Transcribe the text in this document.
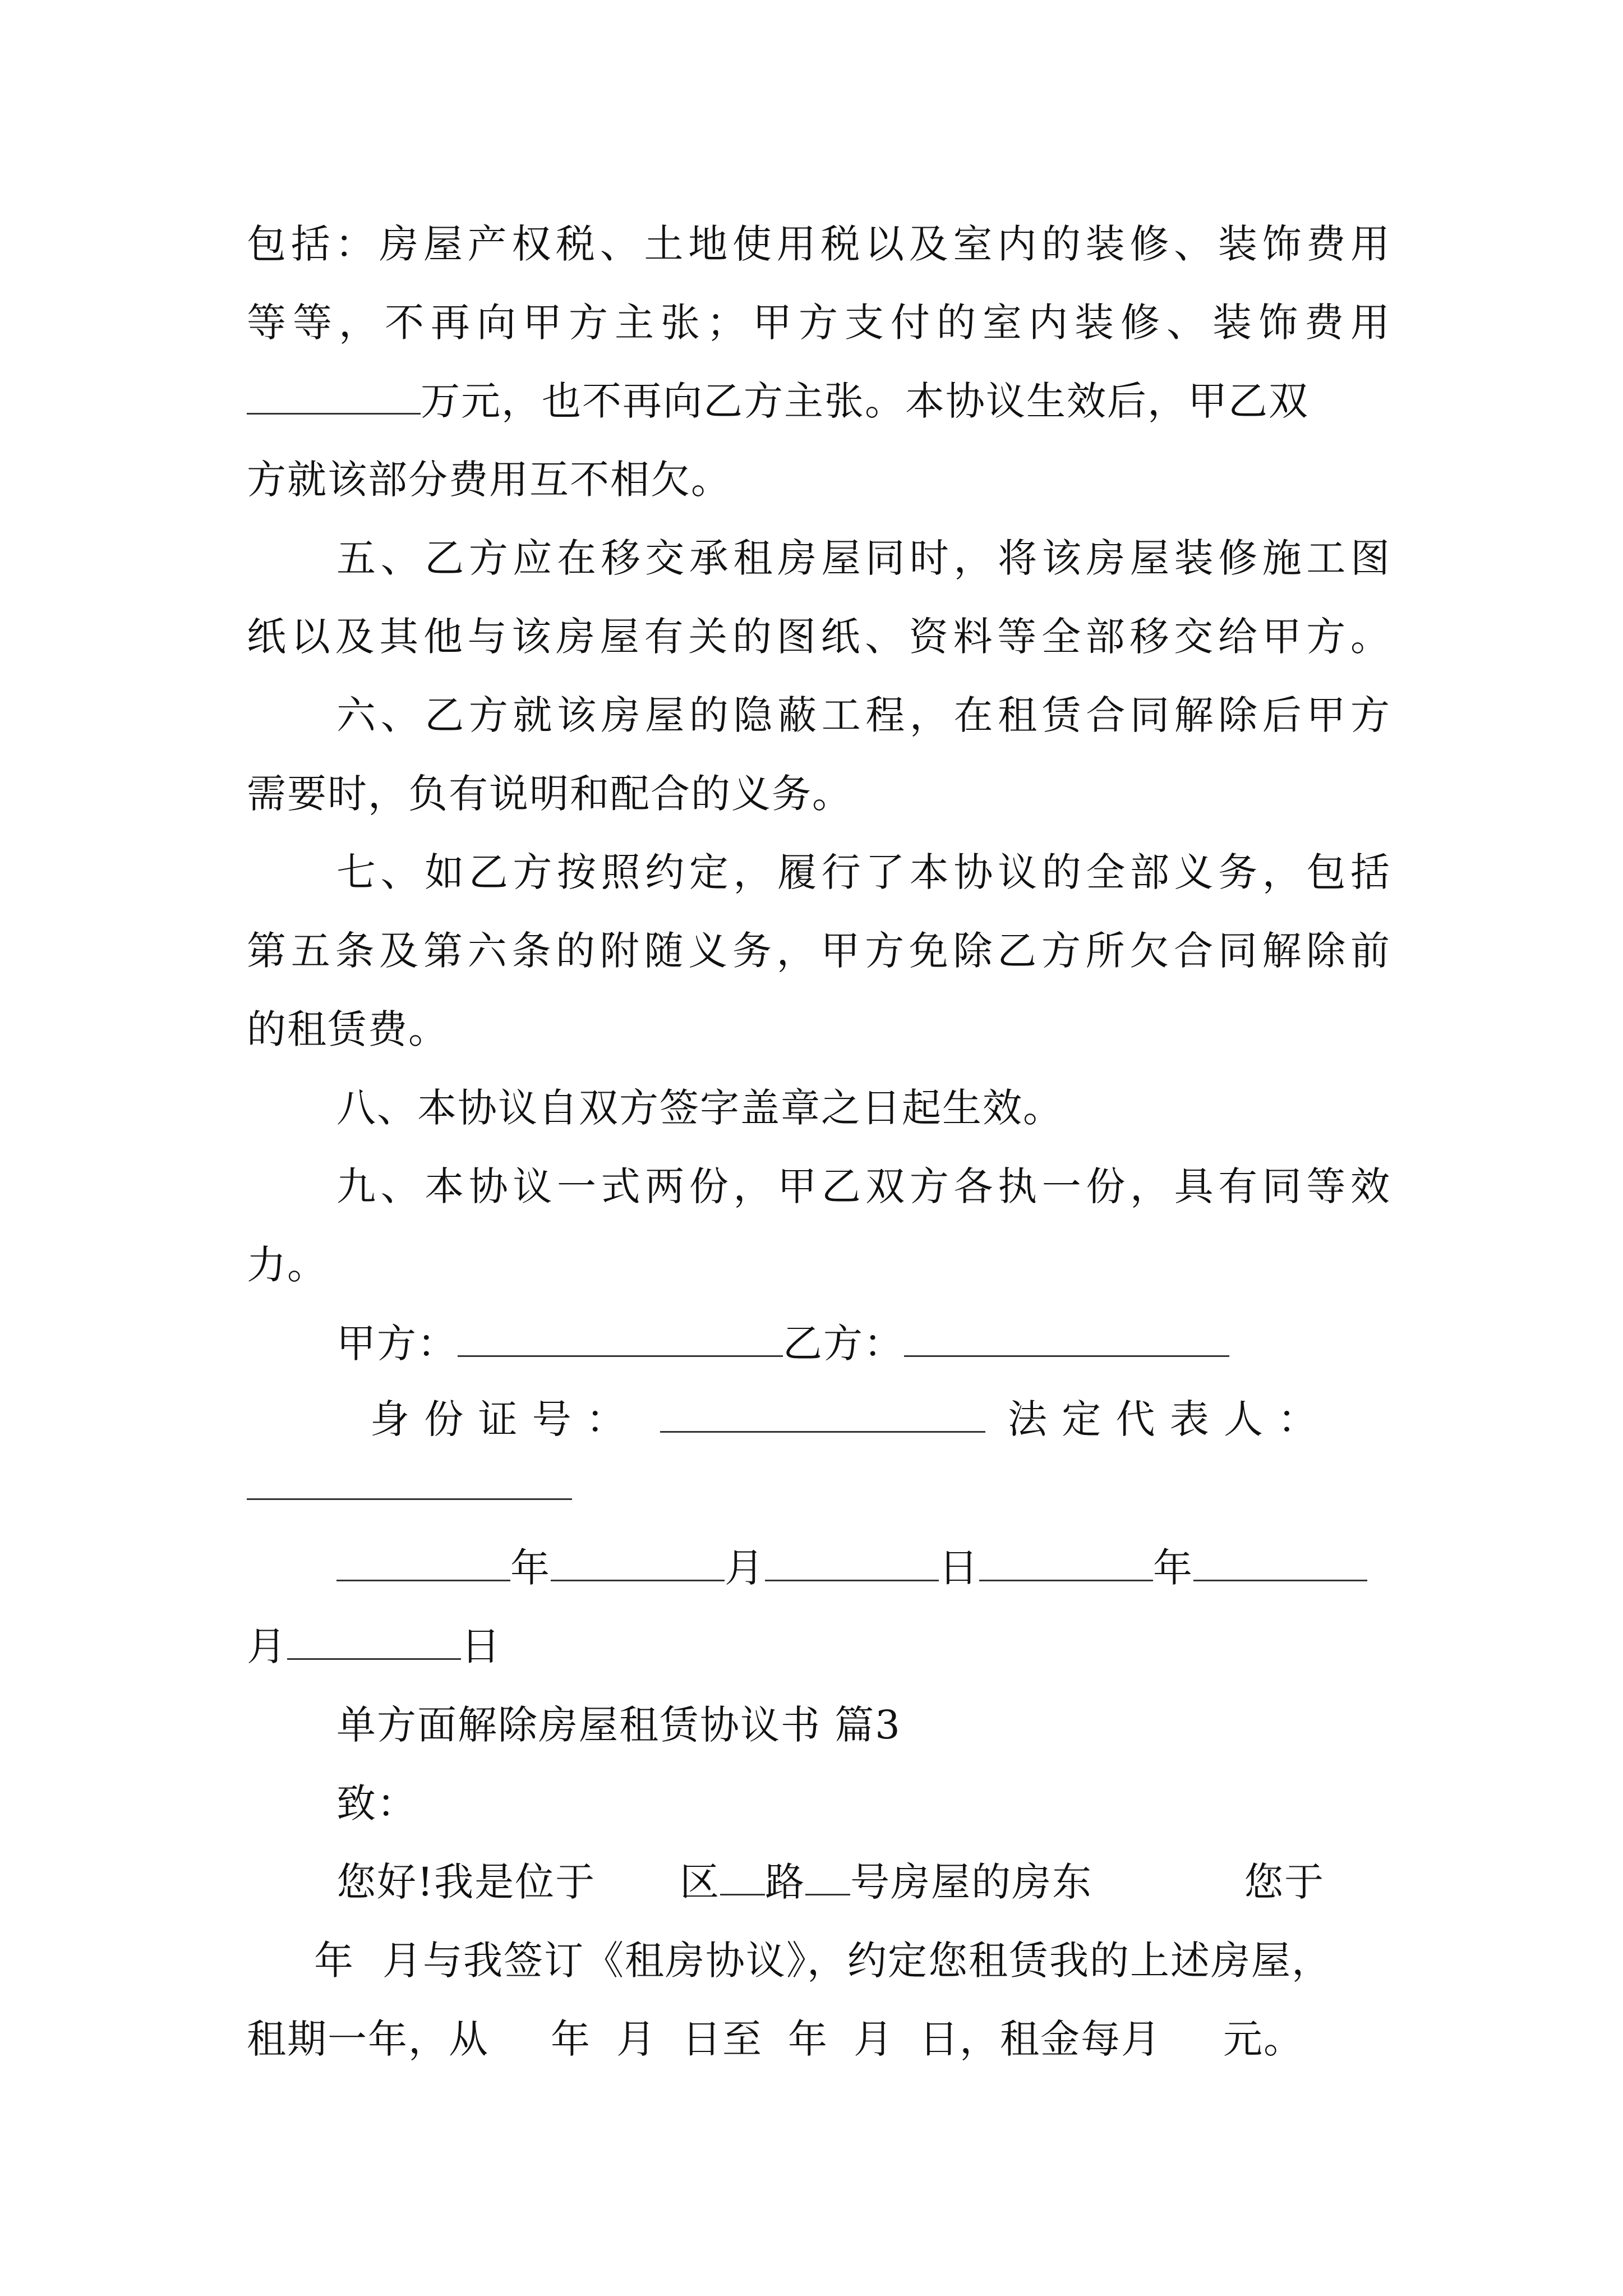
包括：房屋产权税、土地使用税以及室内的装修、装饰费用
等等，不再向甲方主张；甲方支付的室内装修、装饰费用
万元，也不再向乙方主张。本协议生效后，甲乙双
方就该部分费用互不相欠。
五、乙方应在移交承租房屋同时，将该房屋装修施工图
纸以及其他与该房屋有关的图纸、资料等全部移交给甲方。
六、乙方就该房屋的隐蔽工程，在租赁合同解除后甲方
需要时，负有说明和配合的义务。
七、如乙方按照约定，履行了本协议的全部义务，包括
第五条及第六条的附随义务，甲方免除乙方所欠合同解除前
的租赁费。
八、本协议自双方签字盖章之日起生效。
九、本协议一式两份，甲乙双方各执一份，具有同等效
力。
甲方：	乙方：
身 份 证 号 ：	法 定 代 表 人 ：
年	月	日	年
月	日
单方面解除房屋租赁协议书 篇3
致：
您好!我是位于 区 路 号房屋的房东	您于
年 月与我签订《租房协议》，约定您租赁我的上述房屋，
租期一年，从 年 月 日至 年 月 日，租金每月 元。
